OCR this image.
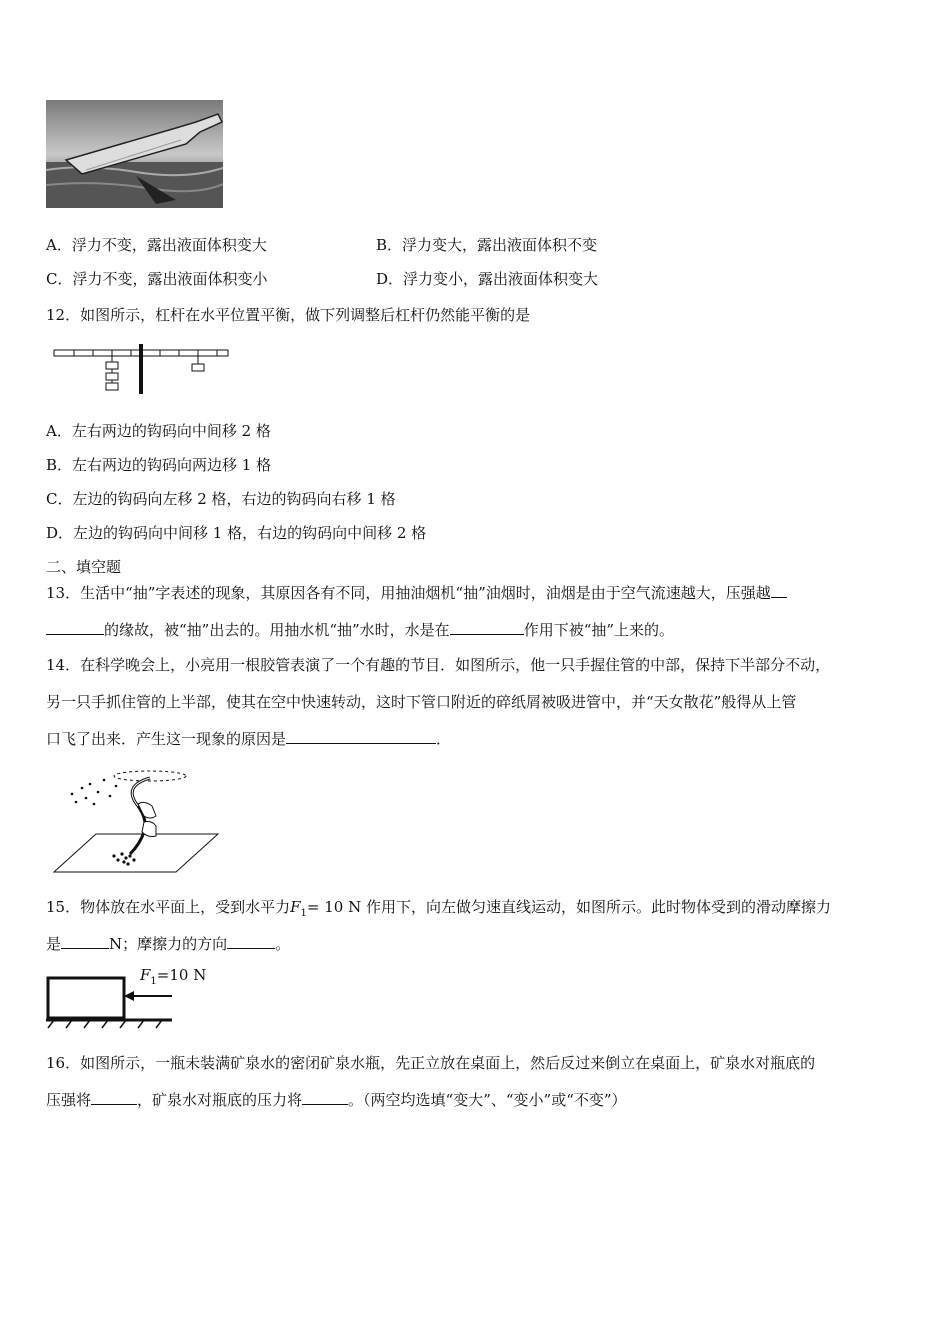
A．浮力不变，露出液面体积变大	B．浮力变大，露出液面体积不变
C．浮力不变，露出液面体积变小	D．浮力变小，露出液面体积变大
12．如图所示，杠杆在水平位置平衡，做下列调整后杠杆仍然能平衡的是
A．左右两边的钩码向中间移 2 格
B．左右两边的钩码向两边移 1 格
C．左边的钩码向左移 2 格，右边的钩码向右移 1 格
D．左边的钩码向中间移 1 格，右边的钩码向中间移 2 格
二、填空题
13．生活中“抽”字表述的现象，其原因各有不同，用抽油烟机“抽”油烟时，油烟是由于空气流速越大，压强越
的缘故，被“抽”出去的。用抽水机“抽”水时，水是在	作用下被“抽”上来的。
14．在科学晚会上，小亮用一根胶管表演了一个有趣的节目．如图所示，他一只手握住管的中部，保持下半部分不动，
另一只手抓住管的上半部，使其在空中快速转动，这时下管口附近的碎纸屑被吸进管中，并“天女散花”般得从上管
口飞了出来．产生这一现象的原因是	．
15．物体放在水平面上，受到水平力$F_1= 10$ N 作用下，向左做匀速直线运动，如图所示。此时物体受到的滑动摩擦力
是	N；摩擦力的方向	。
$F_1=10$ N
16．如图所示，一瓶未装满矿泉水的密闭矿泉水瓶，先正立放在桌面上，然后反过来倒立在桌面上，矿泉水对瓶底的
压强将	，矿泉水对瓶底的压力将	。（两空均选填“变大”、“变小”或“不变”）
